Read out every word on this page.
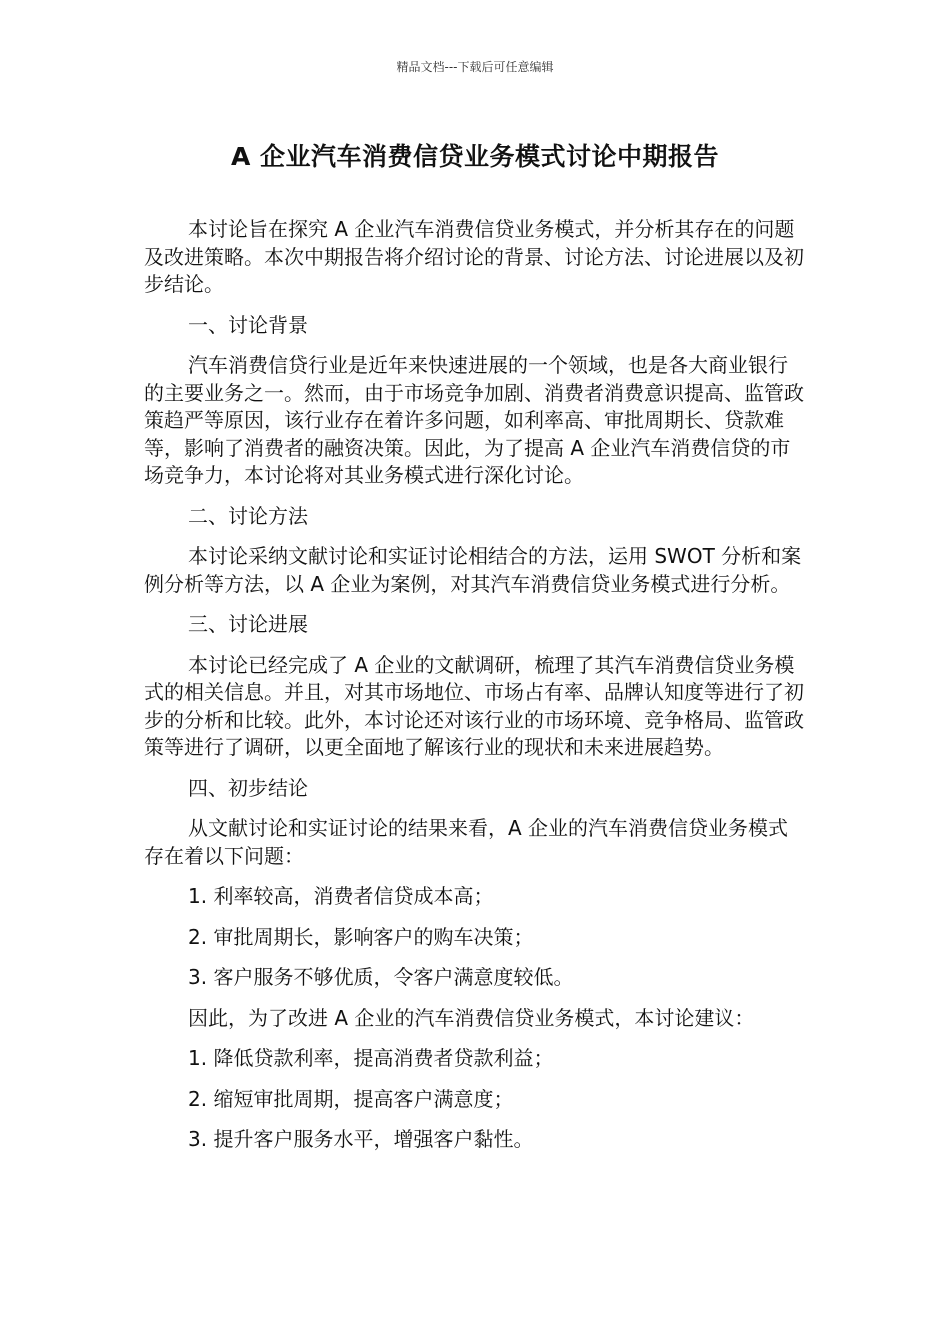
精品文档---下载后可任意编辑
A 企业汽车消费信贷业务模式讨论中期报告

本讨论旨在探究 A 企业汽车消费信贷业务模式，并分析其存在的问题及改进策略。本次中期报告将介绍讨论的背景、讨论方法、讨论进展以及初步结论。

一、讨论背景

汽车消费信贷行业是近年来快速进展的一个领域，也是各大商业银行的主要业务之一。然而，由于市场竞争加剧、消费者消费意识提高、监管政策趋严等原因，该行业存在着许多问题，如利率高、审批周期长、贷款难等，影响了消费者的融资决策。因此，为了提高 A 企业汽车消费信贷的市场竞争力，本讨论将对其业务模式进行深化讨论。

二、讨论方法

本讨论采纳文献讨论和实证讨论相结合的方法，运用 SWOT 分析和案例分析等方法，以 A 企业为案例，对其汽车消费信贷业务模式进行分析。

三、讨论进展

本讨论已经完成了 A 企业的文献调研，梳理了其汽车消费信贷业务模式的相关信息。并且，对其市场地位、市场占有率、品牌认知度等进行了初步的分析和比较。此外，本讨论还对该行业的市场环境、竞争格局、监管政策等进行了调研，以更全面地了解该行业的现状和未来进展趋势。

四、初步结论

从文献讨论和实证讨论的结果来看，A 企业的汽车消费信贷业务模式存在着以下问题：

1. 利率较高，消费者信贷成本高；

2. 审批周期长，影响客户的购车决策；

3. 客户服务不够优质，令客户满意度较低。

因此，为了改进 A 企业的汽车消费信贷业务模式，本讨论建议：

1. 降低贷款利率，提高消费者贷款利益；

2. 缩短审批周期，提高客户满意度；

3. 提升客户服务水平，增强客户黏性。
